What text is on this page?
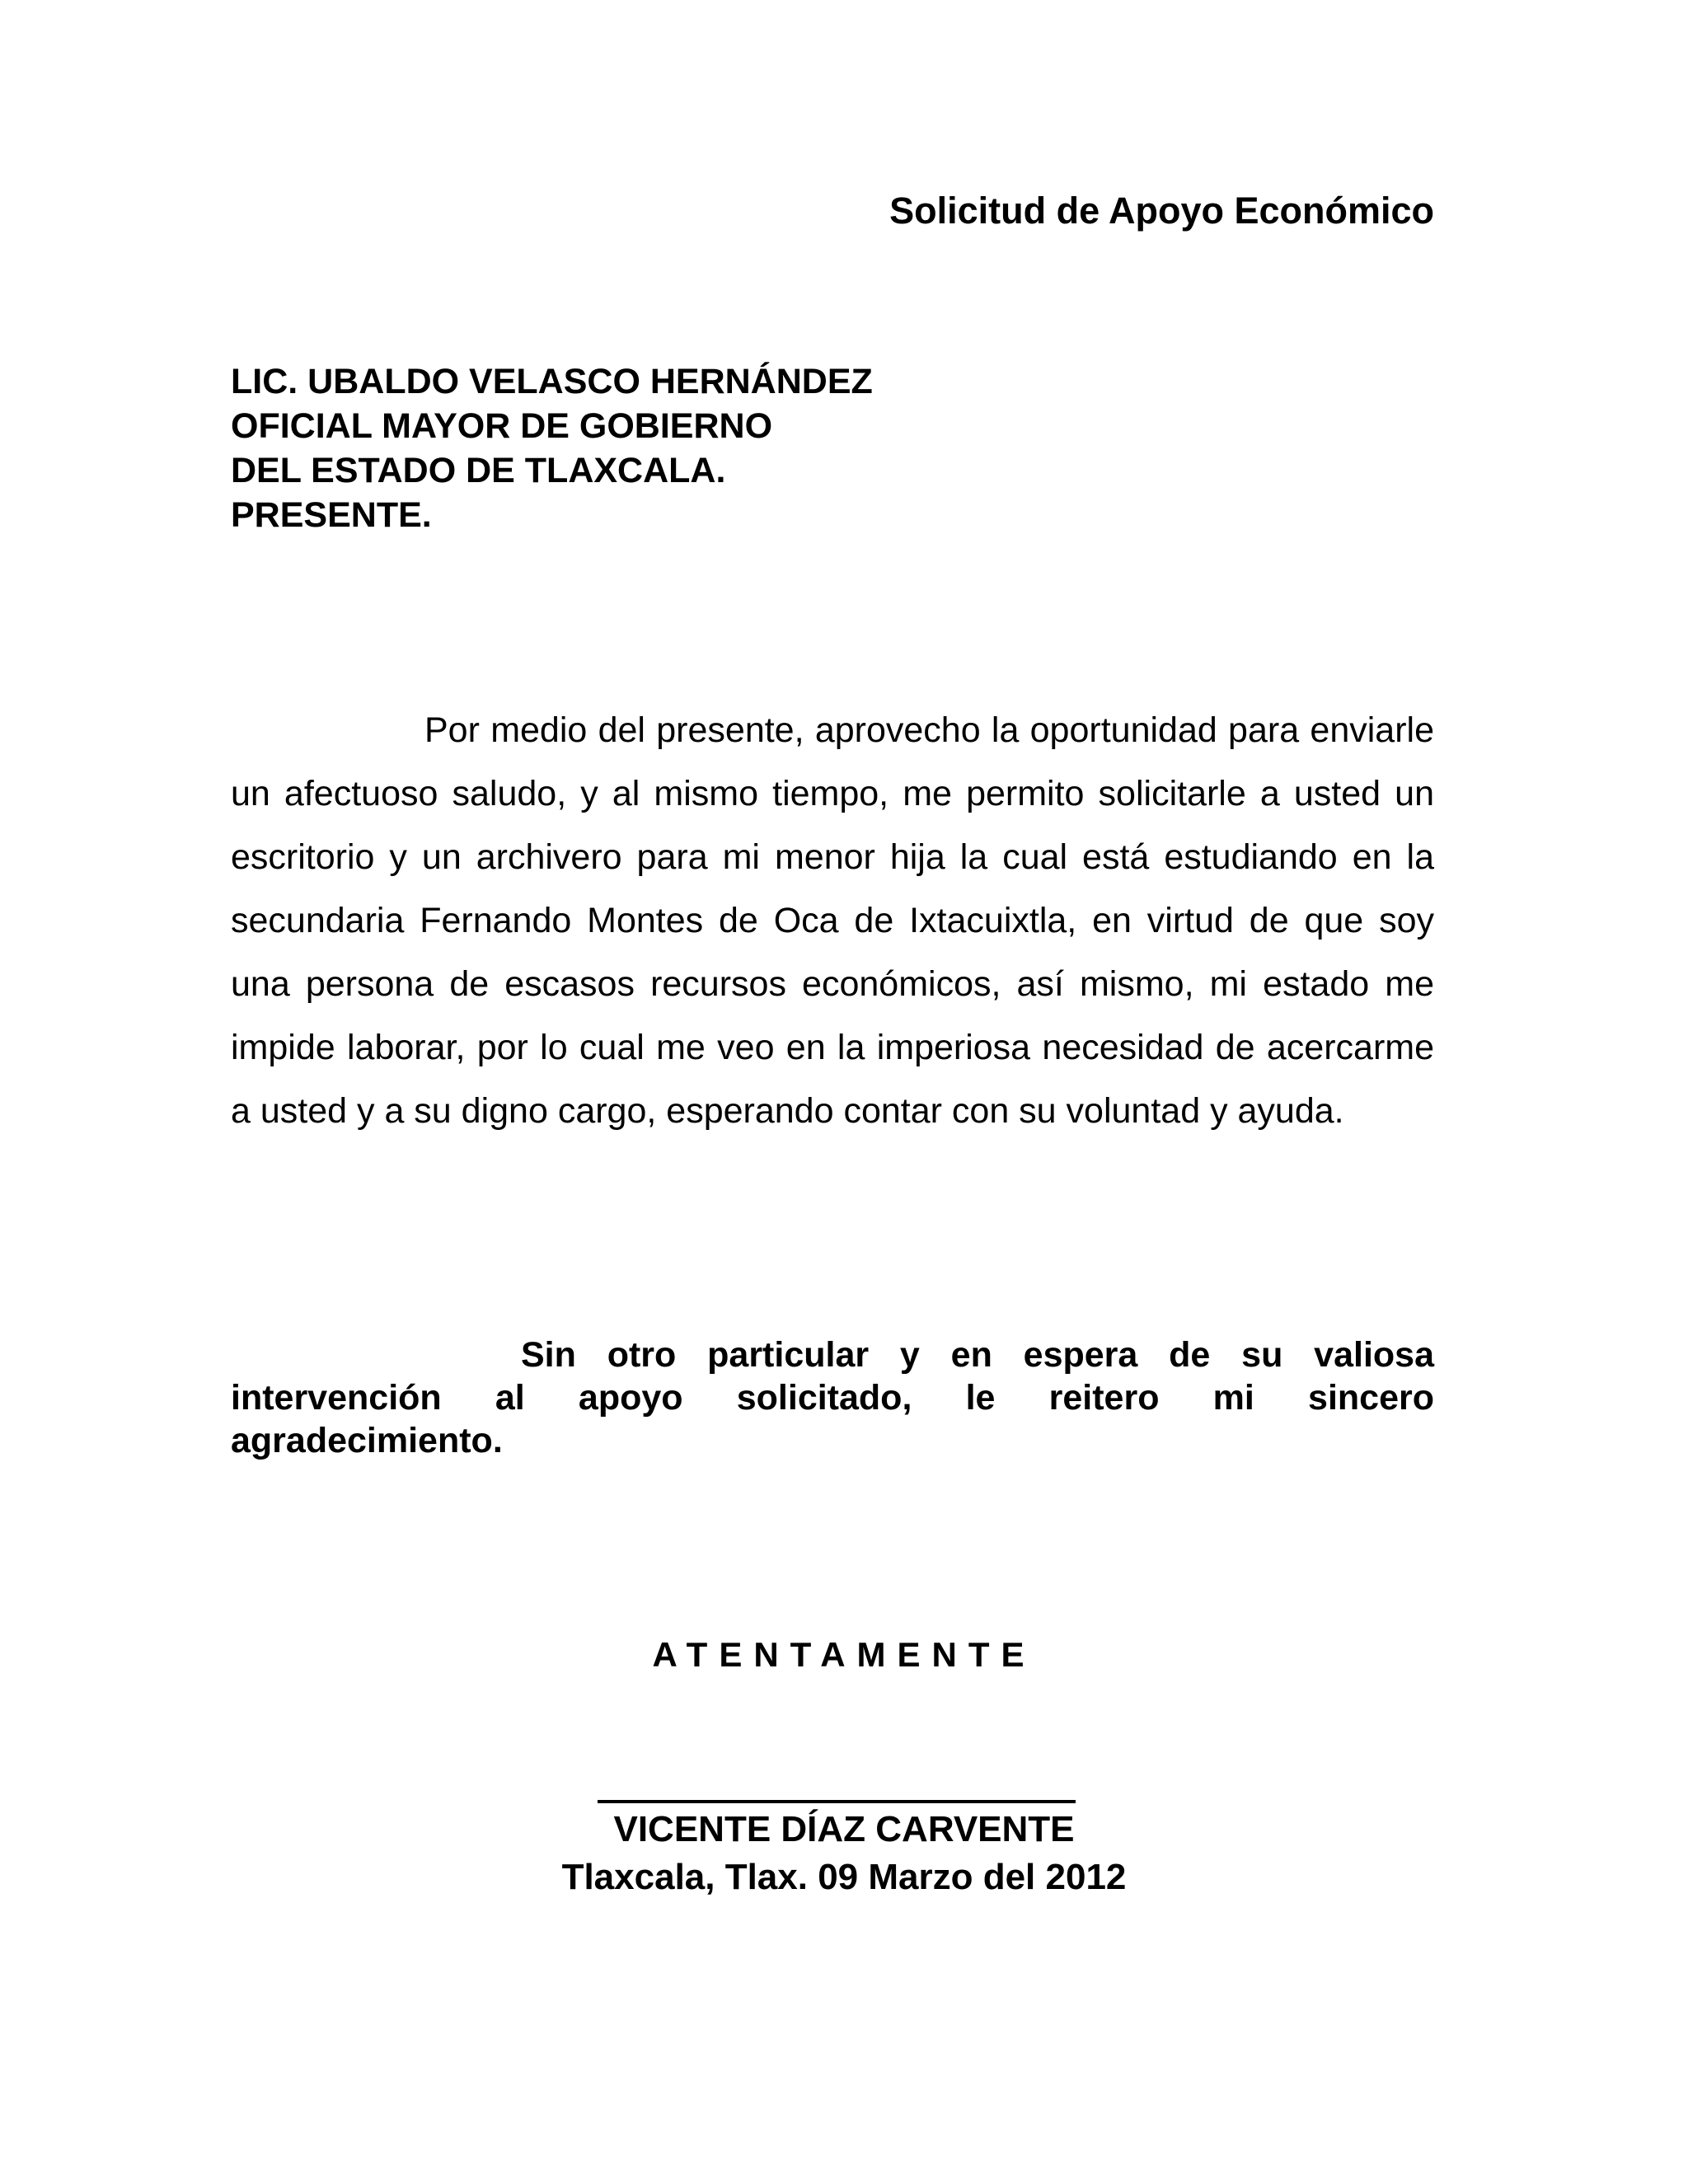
Solicitud de Apoyo Económico
LIC. UBALDO VELASCO HERNÁNDEZ
OFICIAL MAYOR DE GOBIERNO
DEL ESTADO DE TLAXCALA.
PRESENTE.
Por medio del presente, aprovecho la oportunidad para enviarle un afectuoso saludo, y al mismo tiempo, me permito solicitarle a usted un escritorio y un archivero para mi menor hija la cual está estudiando en la secundaria Fernando Montes de Oca de Ixtacuixtla, en virtud de que soy una persona de escasos recursos económicos, así mismo, mi estado me impide laborar, por lo cual me veo en la imperiosa necesidad de acercarme a usted y a su digno cargo, esperando contar con su voluntad y ayuda.
Sin otro particular y en espera de su valiosa intervención al apoyo solicitado, le reitero mi sincero agradecimiento.
ATENTAMENTE
VICENTE DÍAZ CARVENTE
Tlaxcala, Tlax. 09 Marzo del 2012
